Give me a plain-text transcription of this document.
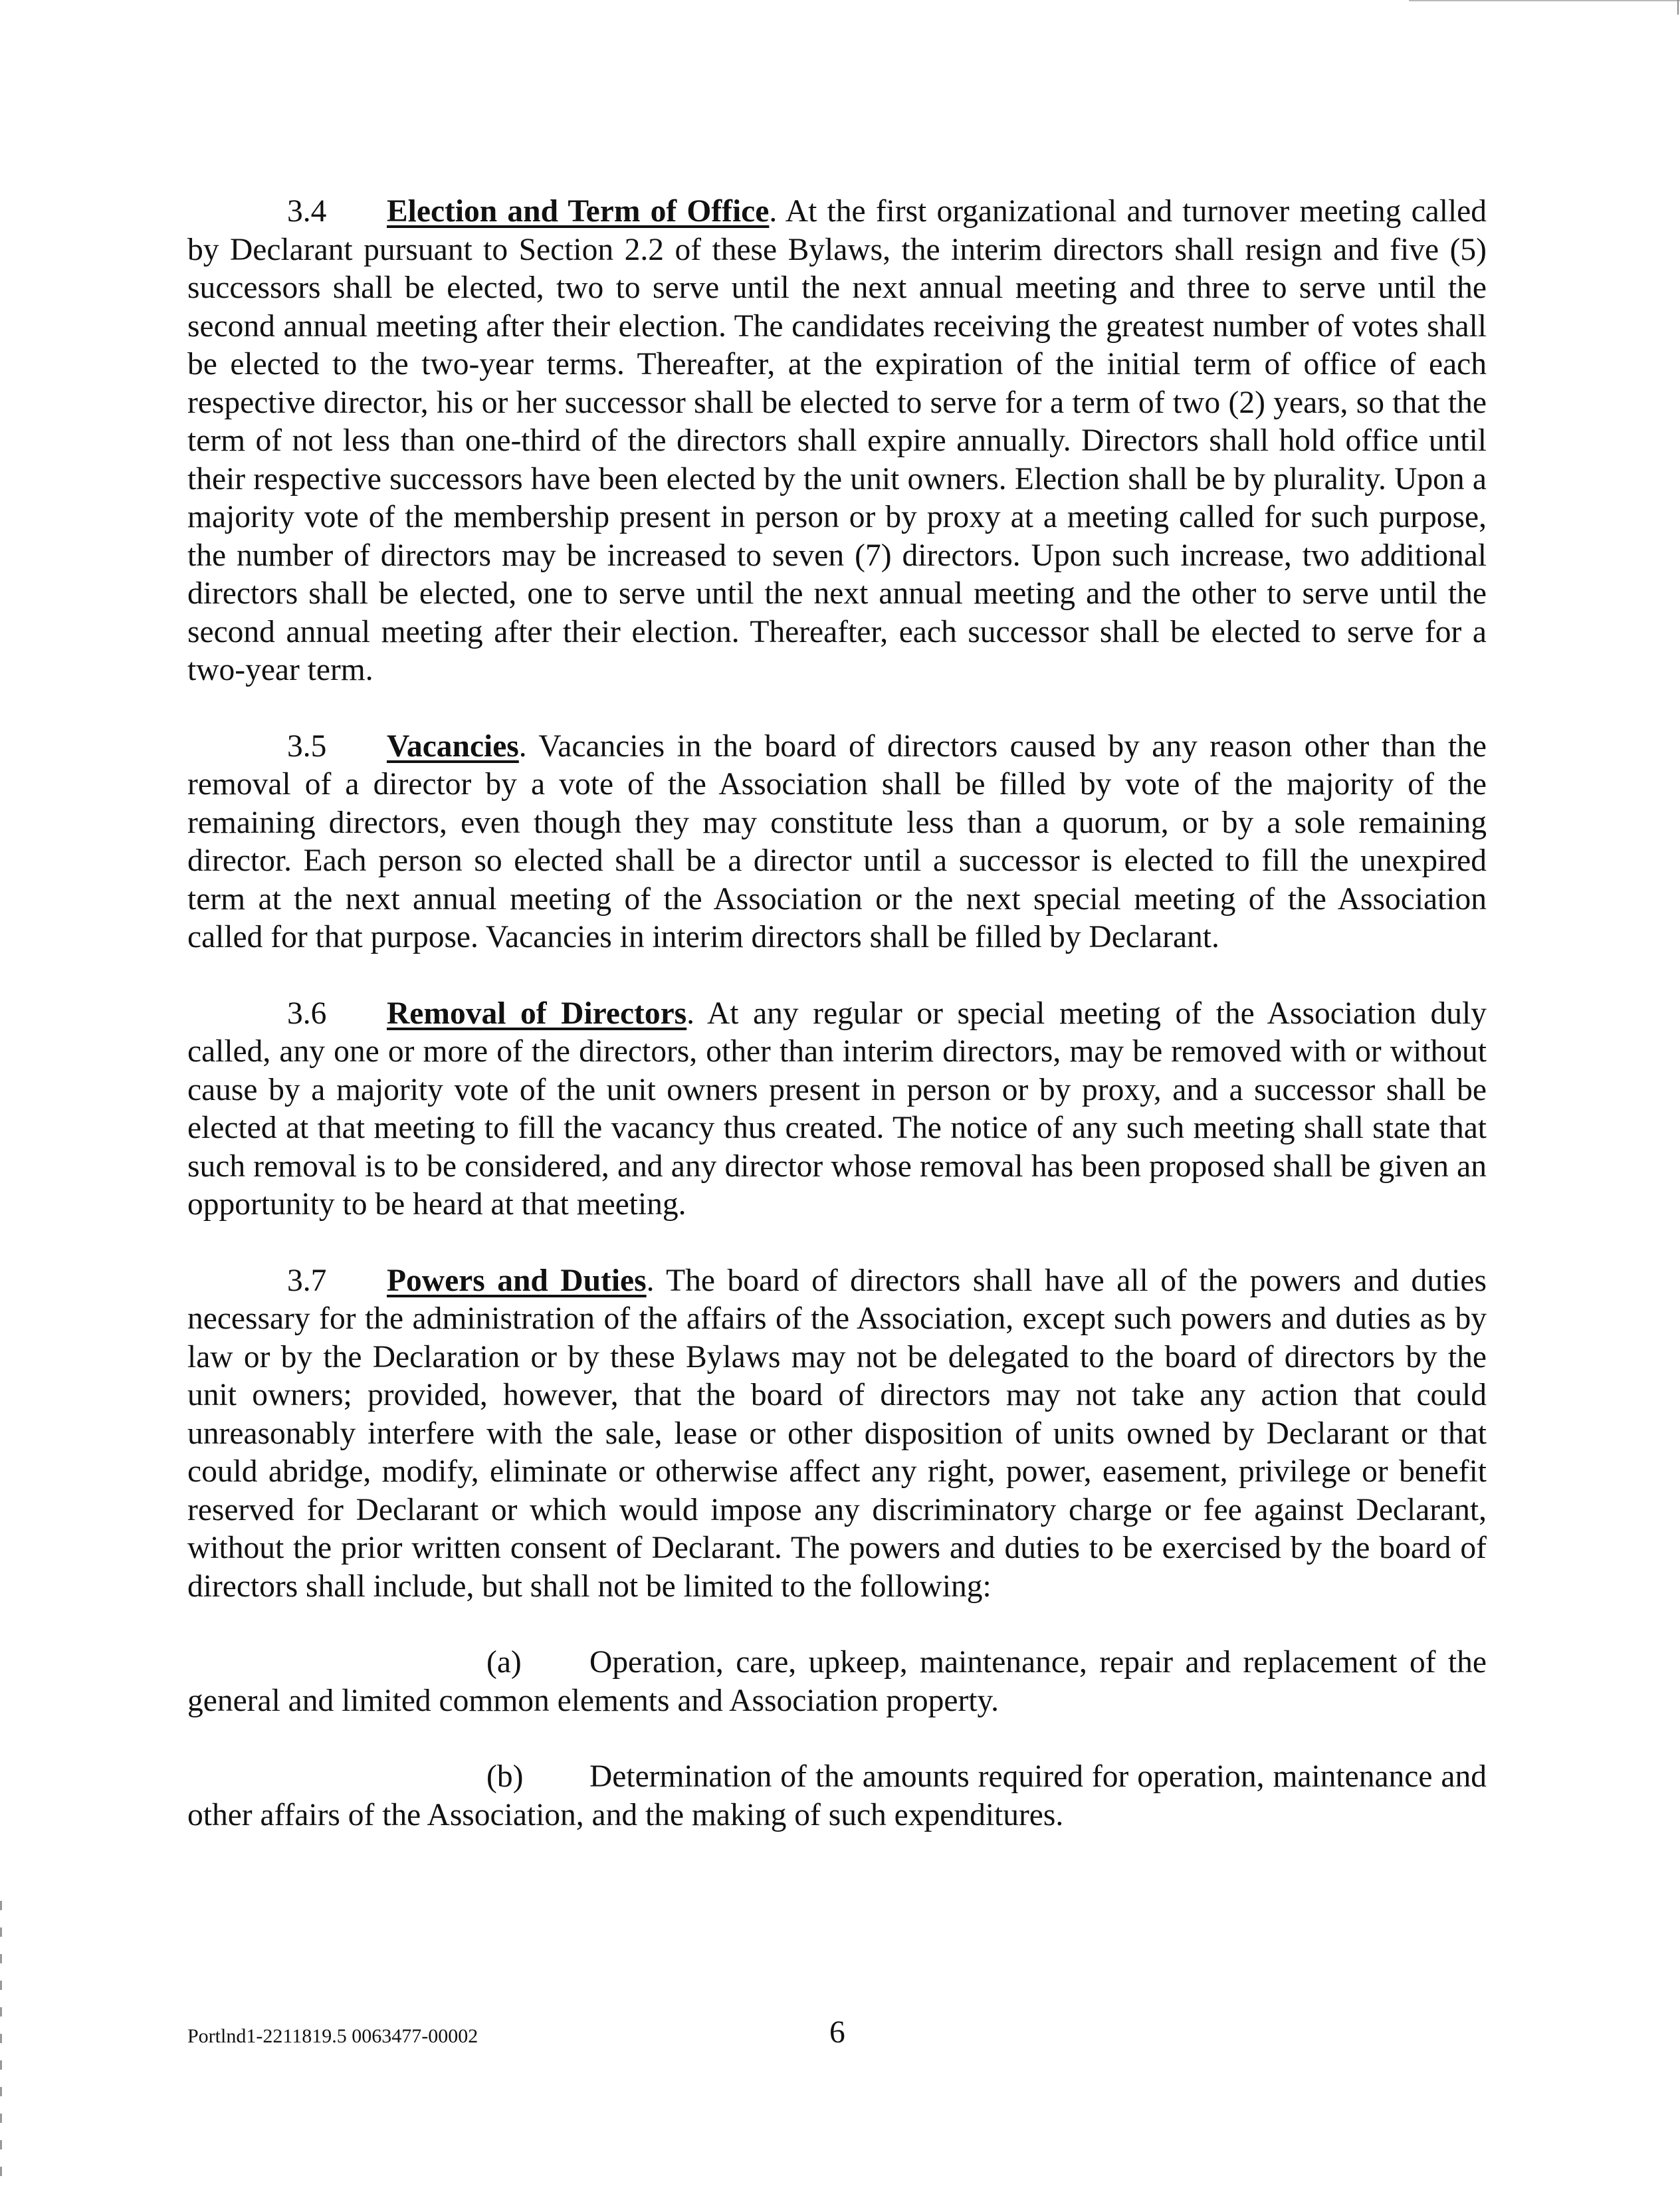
3.4 Election and Term of Office. At the first organizational and turnover meeting called by Declarant pursuant to Section 2.2 of these Bylaws, the interim directors shall resign and five (5) successors shall be elected, two to serve until the next annual meeting and three to serve until the second annual meeting after their election. The candidates receiving the greatest number of votes shall be elected to the two-year terms. Thereafter, at the expiration of the initial term of office of each respective director, his or her successor shall be elected to serve for a term of two (2) years, so that the term of not less than one-third of the directors shall expire annually. Directors shall hold office until their respective successors have been elected by the unit owners. Election shall be by plurality. Upon a majority vote of the membership present in person or by proxy at a meeting called for such purpose, the number of directors may be increased to seven (7) directors. Upon such increase, two additional directors shall be elected, one to serve until the next annual meeting and the other to serve until the second annual meeting after their election. Thereafter, each successor shall be elected to serve for a two-year term.

3.5 Vacancies. Vacancies in the board of directors caused by any reason other than the removal of a director by a vote of the Association shall be filled by vote of the majority of the remaining directors, even though they may constitute less than a quorum, or by a sole remaining director. Each person so elected shall be a director until a successor is elected to fill the unexpired term at the next annual meeting of the Association or the next special meeting of the Association called for that purpose. Vacancies in interim directors shall be filled by Declarant.

3.6 Removal of Directors. At any regular or special meeting of the Association duly called, any one or more of the directors, other than interim directors, may be removed with or without cause by a majority vote of the unit owners present in person or by proxy, and a successor shall be elected at that meeting to fill the vacancy thus created. The notice of any such meeting shall state that such removal is to be considered, and any director whose removal has been proposed shall be given an opportunity to be heard at that meeting.

3.7 Powers and Duties. The board of directors shall have all of the powers and duties necessary for the administration of the affairs of the Association, except such powers and duties as by law or by the Declaration or by these Bylaws may not be delegated to the board of directors by the unit owners; provided, however, that the board of directors may not take any action that could unreasonably interfere with the sale, lease or other disposition of units owned by Declarant or that could abridge, modify, eliminate or otherwise affect any right, power, easement, privilege or benefit reserved for Declarant or which would impose any discriminatory charge or fee against Declarant, without the prior written consent of Declarant. The powers and duties to be exercised by the board of directors shall include, but shall not be limited to the following:

(a) Operation, care, upkeep, maintenance, repair and replacement of the general and limited common elements and Association property.

(b) Determination of the amounts required for operation, maintenance and other affairs of the Association, and the making of such expenditures.

Portlnd1-2211819.5 0063477-00002	6
